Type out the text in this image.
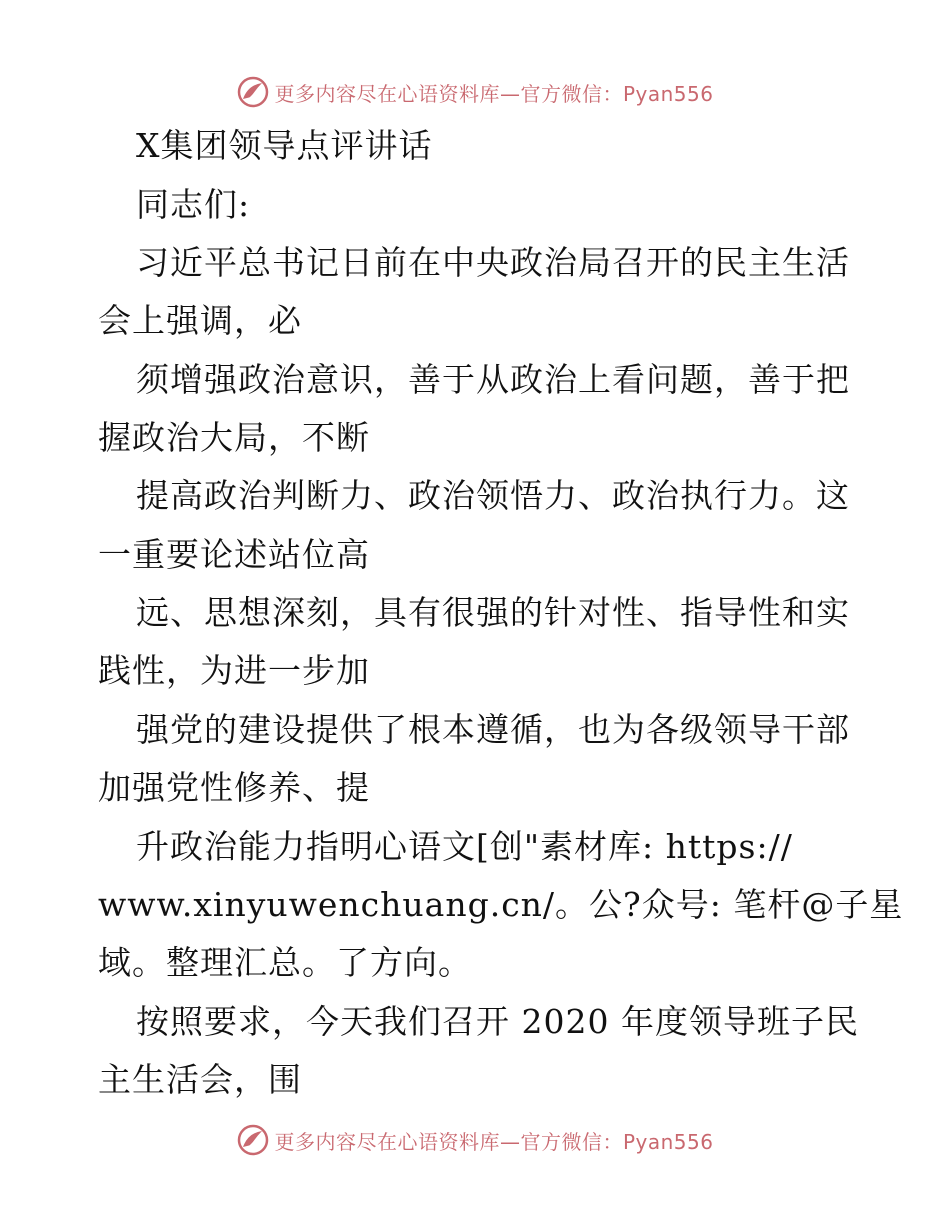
更多内容尽在心语资料库—官方微信：Pyan556
X集团领导点评讲话
同志们:
习近平总书记日前在中央政治局召开的民主生活
会上强调，必
须增强政治意识，善于从政治上看问题，善于把
握政治大局，不断
提高政治判断力、政治领悟力、政治执行力。这
一重要论述站位高
远、思想深刻，具有很强的针对性、指导性和实
践性，为进一步加
强党的建设提供了根本遵循，也为各级领导干部
加强党性修养、提
升政治能力指明心语文[创"素材库: https://
www.xinyuwenchuang.cn/。公?众号: 笔杆@子星
域。整理汇总。了方向。
按照要求，今天我们召开 2020 年度领导班子民
主生活会，围
更多内容尽在心语资料库—官方微信：Pyan556
